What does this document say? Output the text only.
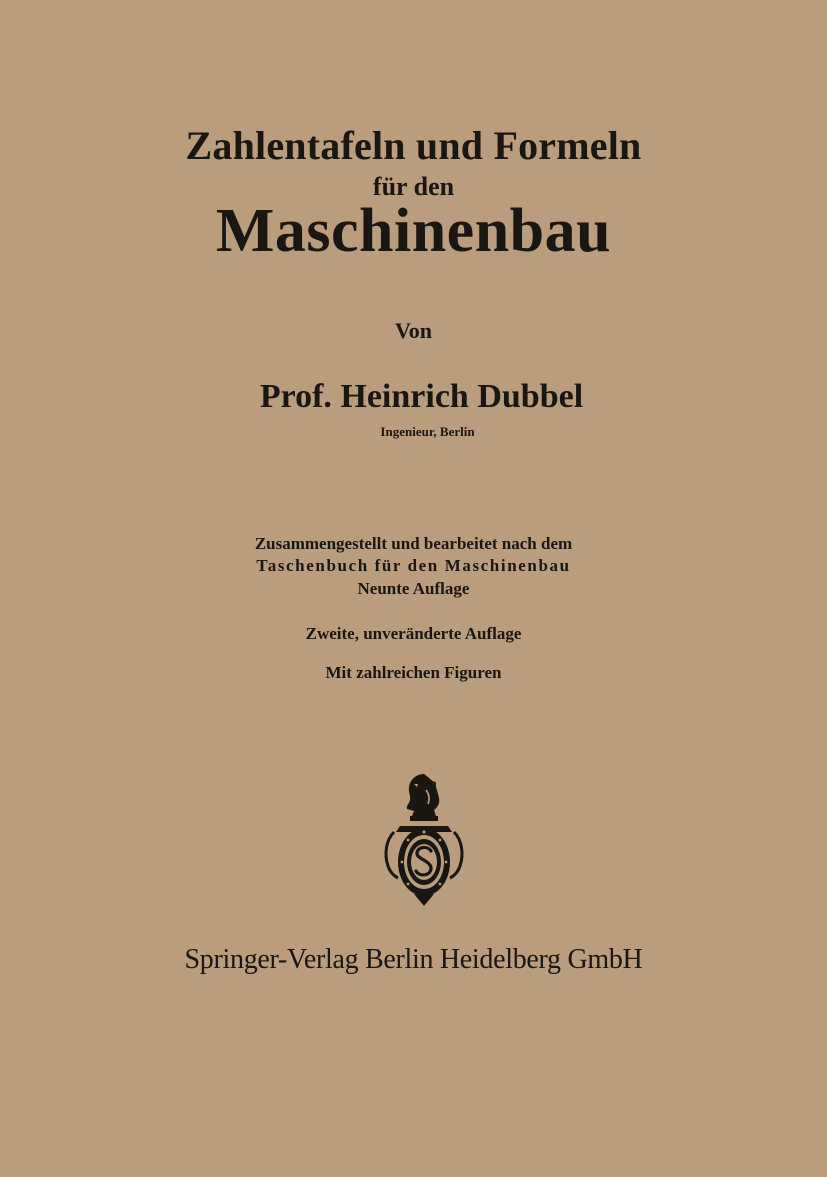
Zahlentafeln und Formeln
für den
Maschinenbau
Von
Prof. Heinrich Dubbel
Ingenieur, Berlin
Zusammengestellt und bearbeitet nach dem
Taschenbuch für den Maschinenbau
Neunte Auflage
Zweite, unveränderte Auflage
Mit zahlreichen Figuren
Springer-Verlag Berlin Heidelberg GmbH
